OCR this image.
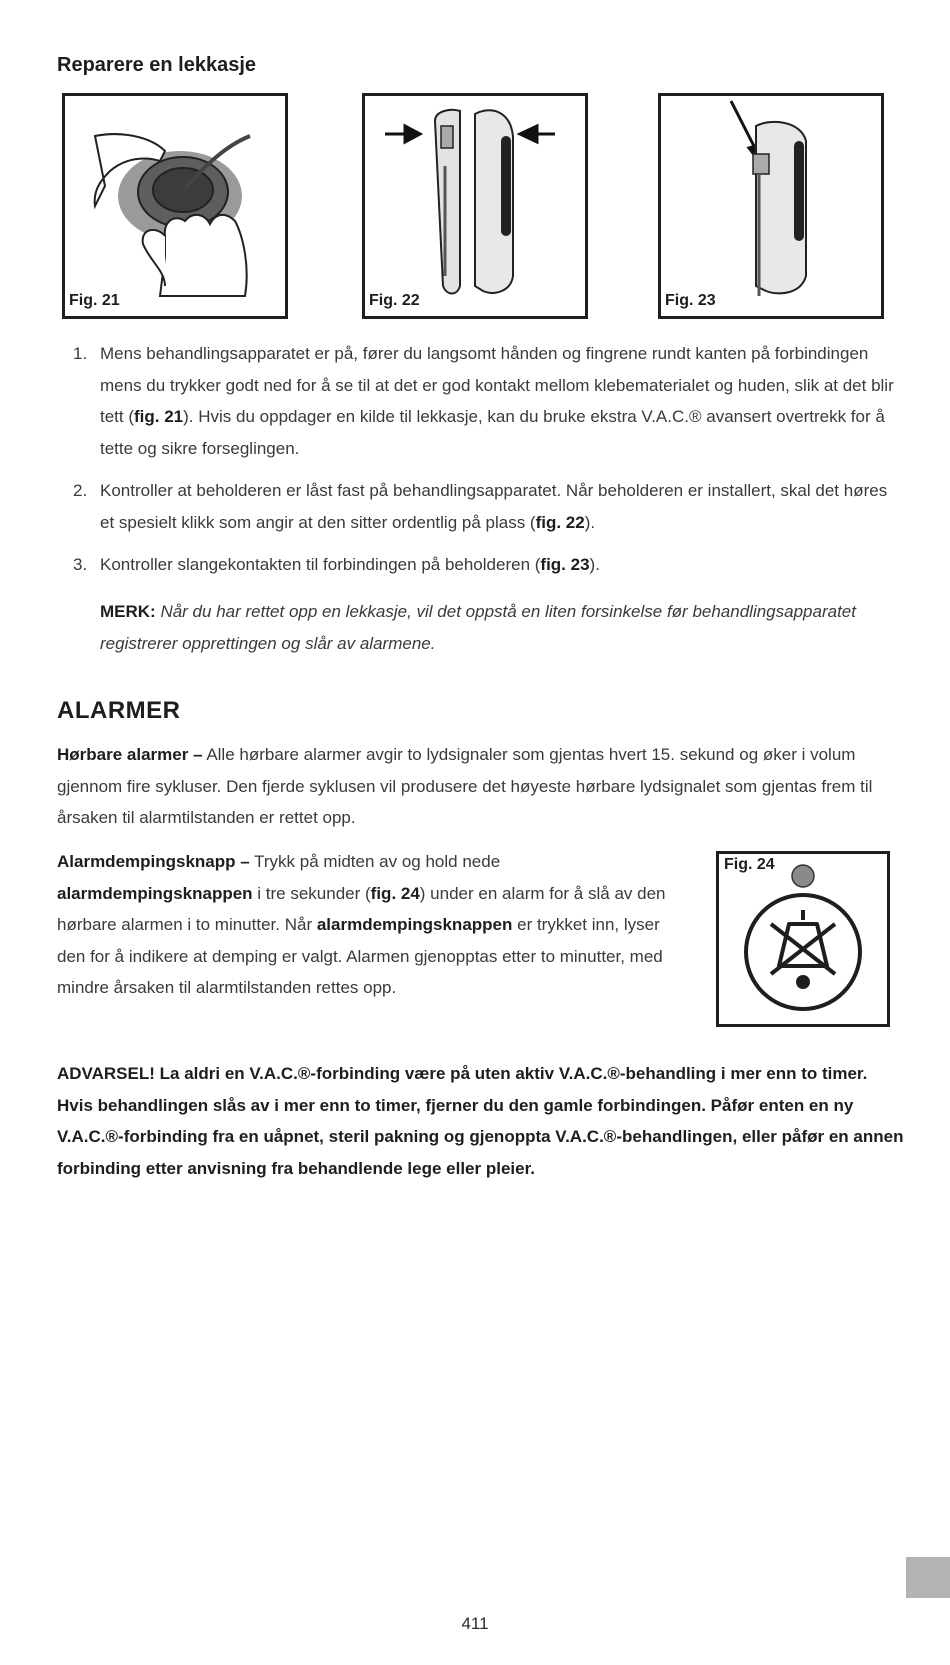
Reparere en lekkasje
Fig. 21	Fig. 22	Fig. 23
1. Mens behandlingsapparatet er på, fører du langsomt hånden og fingrene rundt kanten på forbindingen mens du trykker godt ned for å se til at det er god kontakt mellom klebematerialet og huden, slik at det blir tett (fig. 21). Hvis du oppdager en kilde til lekkasje, kan du bruke ekstra V.A.C.® avansert overtrekk for å tette og sikre forseglingen.
2. Kontroller at beholderen er låst fast på behandlingsapparatet. Når beholderen er installert, skal det høres et spesielt klikk som angir at den sitter ordentlig på plass (fig. 22).
3. Kontroller slangekontakten til forbindingen på beholderen (fig. 23).

MERK: Når du har rettet opp en lekkasje, vil det oppstå en liten forsinkelse før behandlingsapparatet registrerer opprettingen og slår av alarmene.

ALARMER

Hørbare alarmer – Alle hørbare alarmer avgir to lydsignaler som gjentas hvert 15. sekund og øker i volum gjennom fire sykluser. Den fjerde syklusen vil produsere det høyeste hørbare lydsignalet som gjentas frem til årsaken til alarmtilstanden er rettet opp.

Alarmdempingsknapp – Trykk på midten av og hold nede alarmdempingsknappen i tre sekunder (fig. 24) under en alarm for å slå av den hørbare alarmen i to minutter. Når alarmdempingsknappen er trykket inn, lyser den for å indikere at demping er valgt. Alarmen gjenopptas etter to minutter, med mindre årsaken til alarmtilstanden rettes opp.

Fig. 24

ADVARSEL! La aldri en V.A.C.®-forbinding være på uten aktiv V.A.C.®-behandling i mer enn to timer. Hvis behandlingen slås av i mer enn to timer, fjerner du den gamle forbindingen. Påfør enten en ny V.A.C.®-forbinding fra en uåpnet, steril pakning og gjenoppta V.A.C.®-behandlingen, eller påfør en annen forbinding etter anvisning fra behandlende lege eller pleier.

411
